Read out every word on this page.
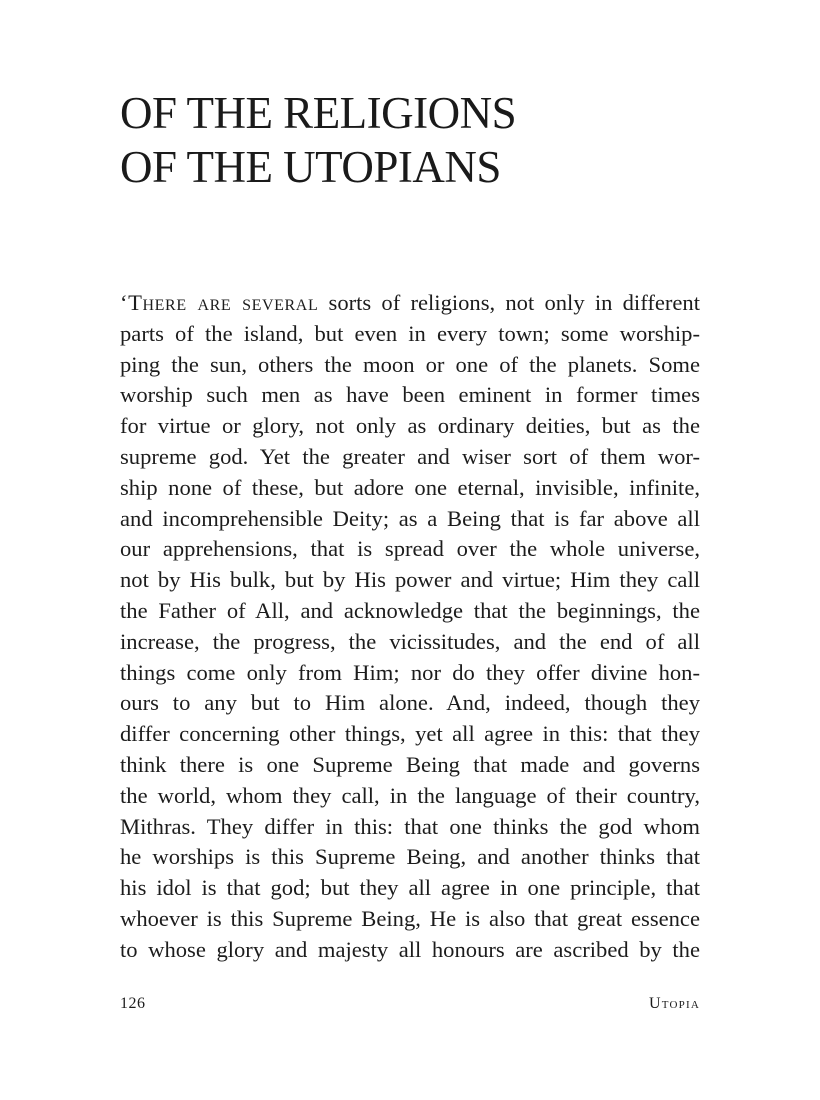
OF THE RELIGIONS
OF THE UTOPIANS
‘There are several sorts of religions, not only in different
parts of the island, but even in every town; some worship-
ping the sun, others the moon or one of the planets. Some
worship such men as have been eminent in former times
for virtue or glory, not only as ordinary deities, but as the
supreme god. Yet the greater and wiser sort of them wor-
ship none of these, but adore one eternal, invisible, infinite,
and incomprehensible Deity; as a Being that is far above all
our apprehensions, that is spread over the whole universe,
not by His bulk, but by His power and virtue; Him they call
the Father of All, and acknowledge that the beginnings, the
increase, the progress, the vicissitudes, and the end of all
things come only from Him; nor do they offer divine hon-
ours to any but to Him alone. And, indeed, though they
differ concerning other things, yet all agree in this: that they
think there is one Supreme Being that made and governs
the world, whom they call, in the language of their country,
Mithras. They differ in this: that one thinks the god whom
he worships is this Supreme Being, and another thinks that
his idol is that god; but they all agree in one principle, that
whoever is this Supreme Being, He is also that great essence
to whose glory and majesty all honours are ascribed by the
126	Utopia
